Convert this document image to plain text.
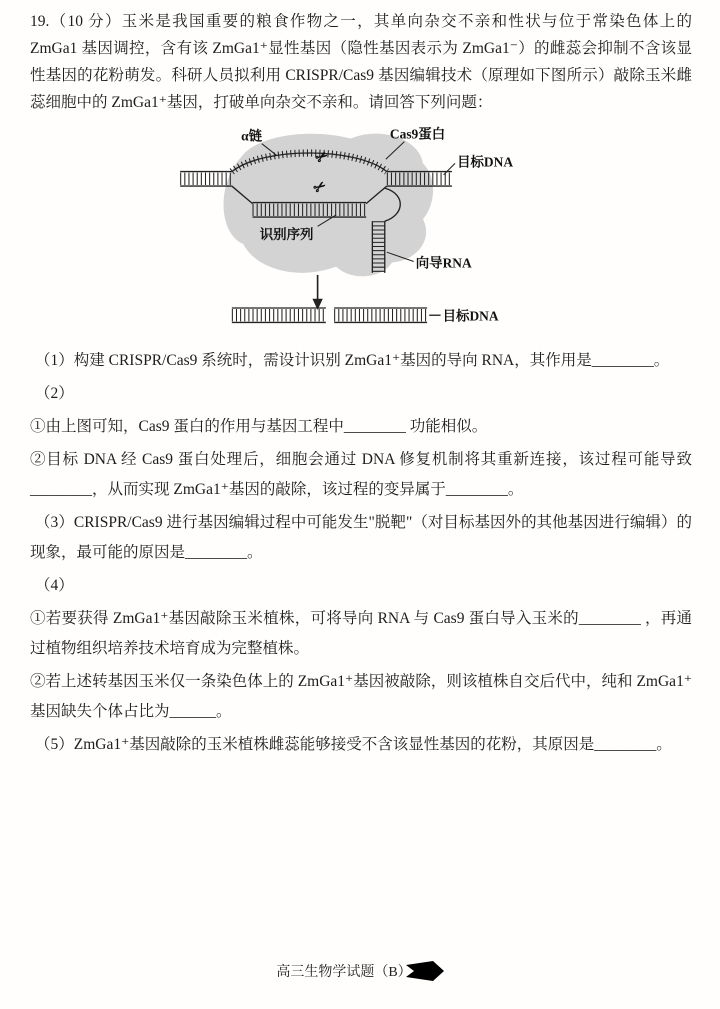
19.（10 分）玉米是我国重要的粮食作物之一，其单向杂交不亲和性状与位于常染色体上的 ZmGa1 基因调控，含有该 ZmGa1⁺显性基因（隐性基因表示为 ZmGa1⁻）的雌蕊会抑制不含该显性基因的花粉萌发。科研人员拟利用 CRISPR/Cas9 基因编辑技术（原理如下图所示）敲除玉米雌蕊细胞中的 ZmGa1⁺基因，打破单向杂交不亲和。请回答下列问题：

✂
✂
α链	Cas9蛋白
目标DNA
识别序列
向导RNA
目标DNA

（1）构建 CRISPR/Cas9 系统时，需设计识别 ZmGa1⁺基因的导向 RNA，其作用是________。

（2）

①由上图可知，Cas9 蛋白的作用与基因工程中________ 功能相似。

②目标 DNA 经 Cas9 蛋白处理后，细胞会通过 DNA 修复机制将其重新连接，该过程可能导致________，从而实现 ZmGa1⁺基因的敲除，该过程的变异属于________。

（3）CRISPR/Cas9 进行基因编辑过程中可能发生"脱靶"（对目标基因外的其他基因进行编辑）的现象，最可能的原因是________。

（4）

①若要获得 ZmGa1⁺基因敲除玉米植株，可将导向 RNA 与 Cas9 蛋白导入玉米的________ ，再通过植物组织培养技术培育成为完整植株。

②若上述转基因玉米仅一条染色体上的 ZmGa1⁺基因被敲除，则该植株自交后代中，纯和 ZmGa1⁺基因缺失个体占比为______。

（5）ZmGa1⁺基因敲除的玉米植株雌蕊能够接受不含该显性基因的花粉，其原因是________。

高三生物学试题（B）
